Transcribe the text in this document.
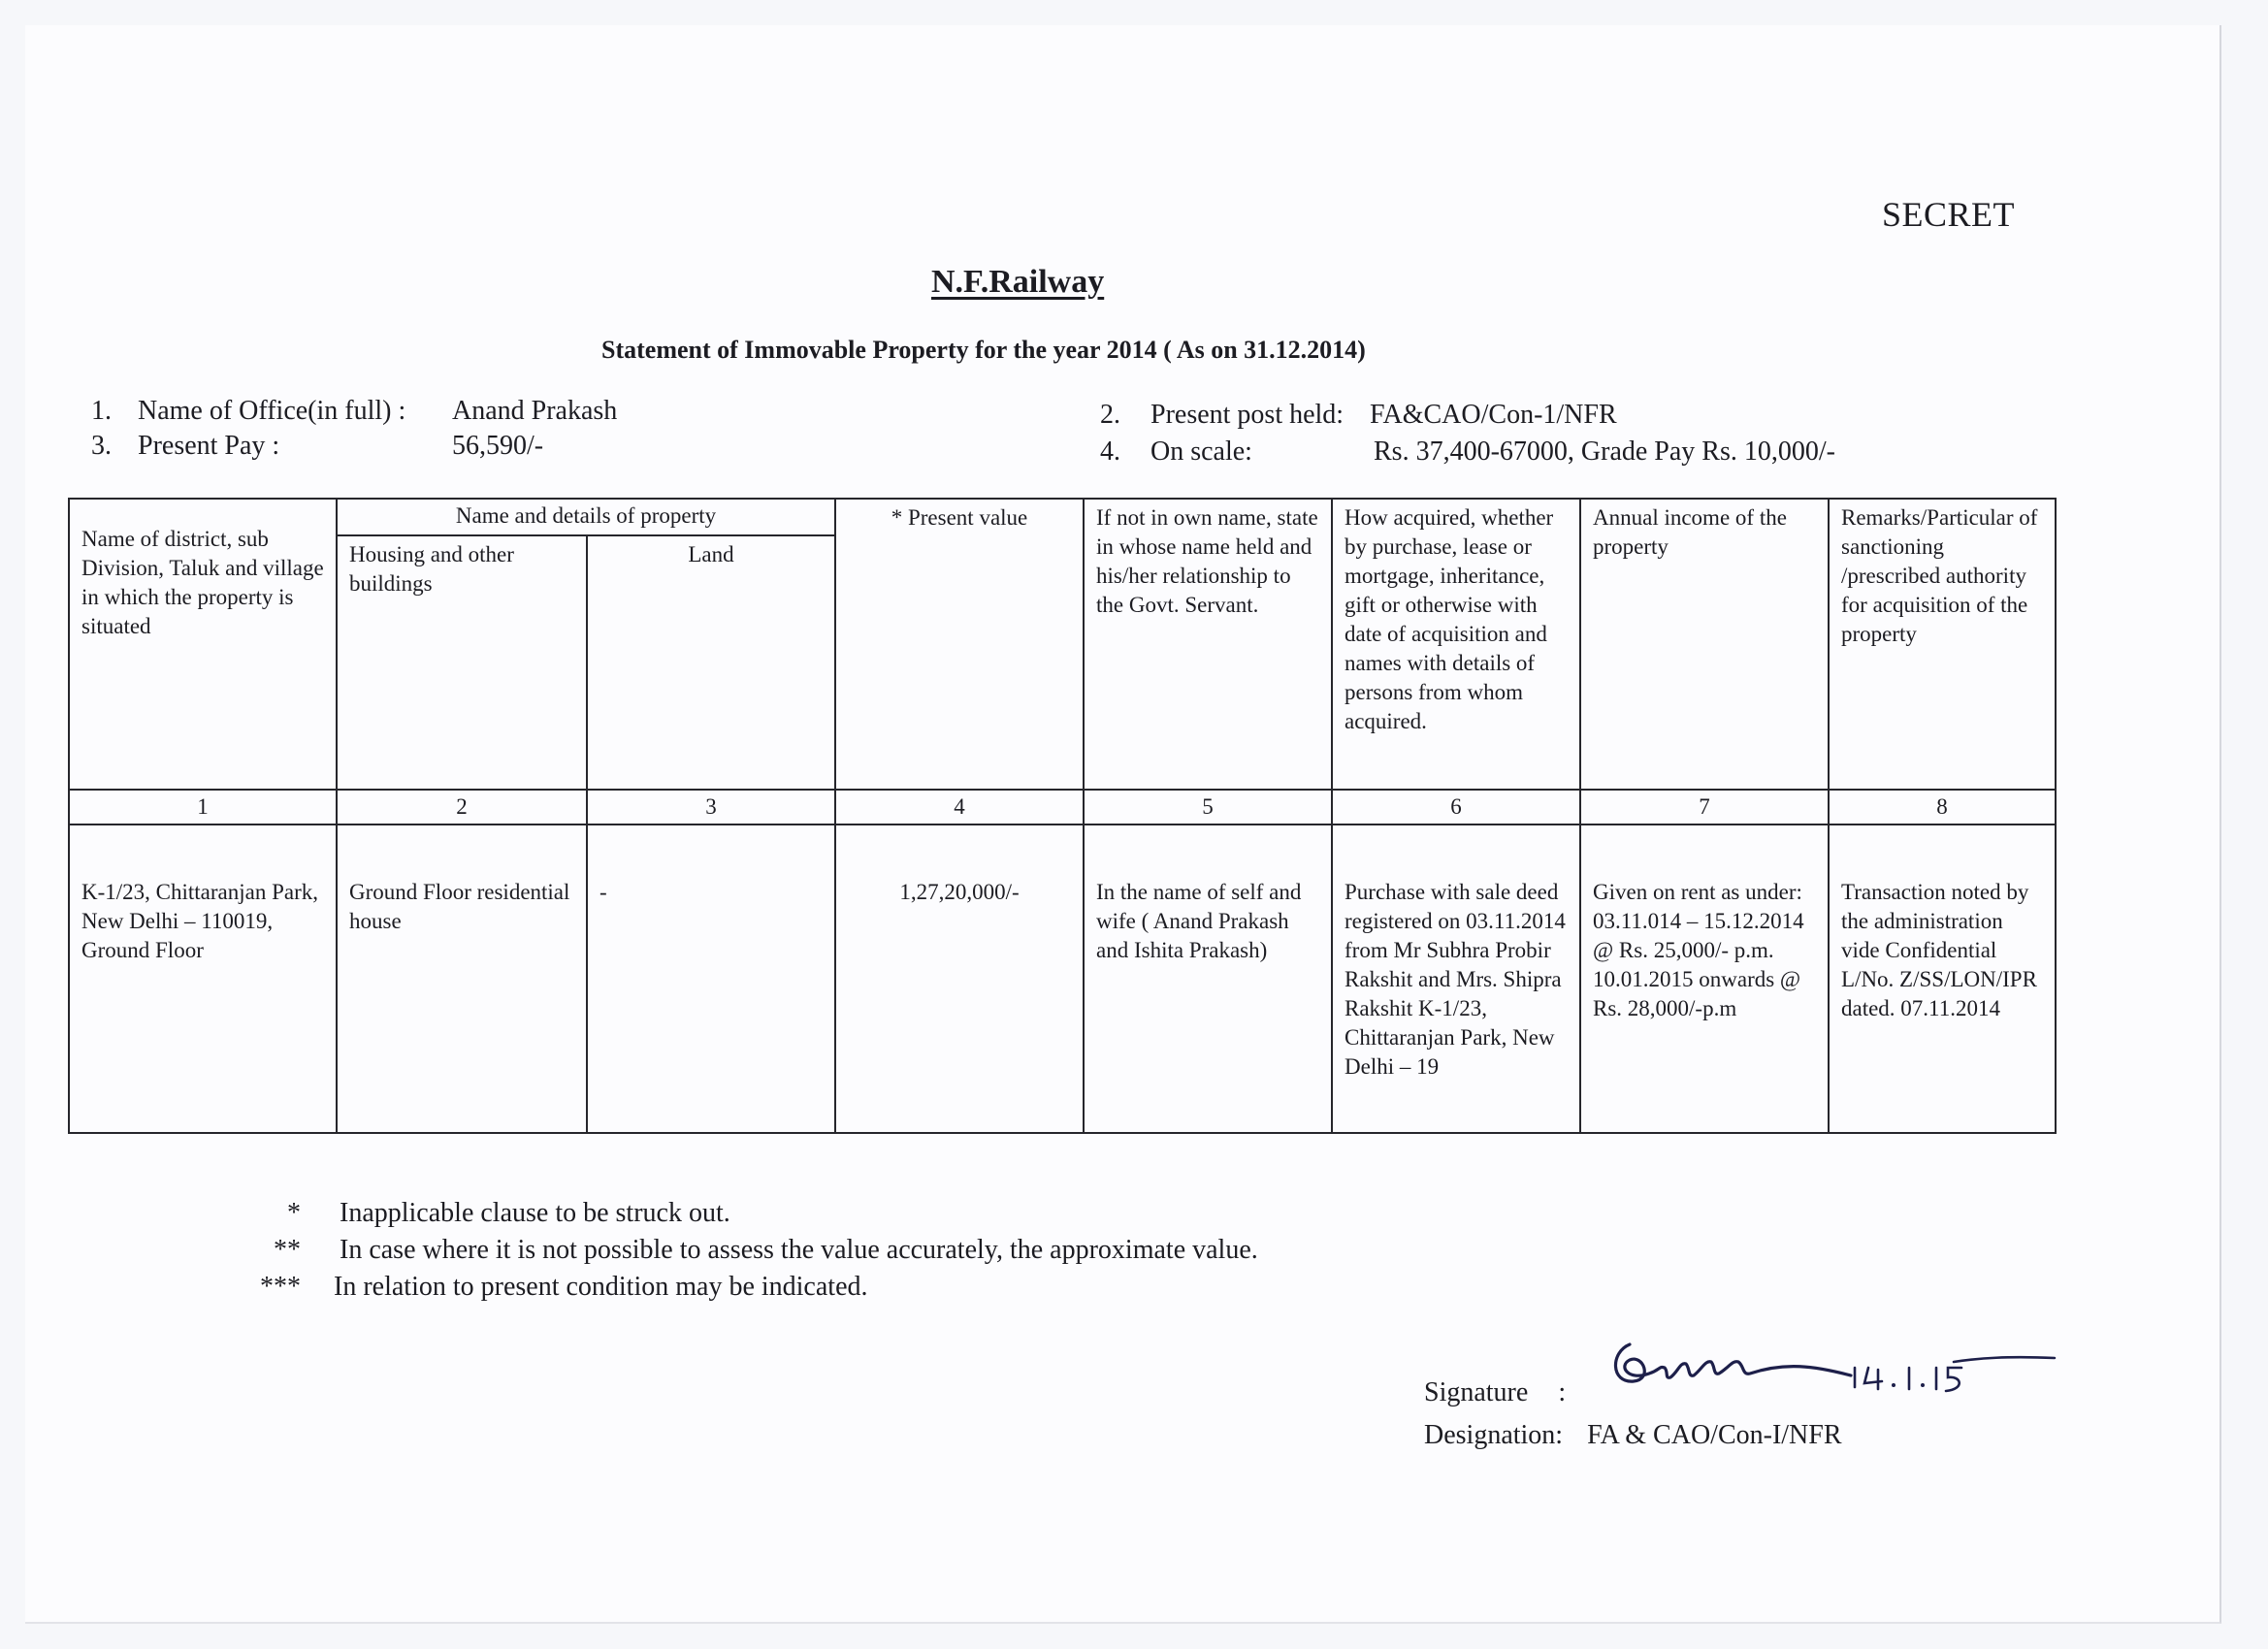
SECRET
N.F.Railway
Statement of Immovable Property for the year 2014 ( As on 31.12.2014)
1. Name of Office(in full) : Anand Prakash
3. Present Pay :	56,590/-
2. Present post held: FA&CAO/Con-1/NFR
4. On scale:	Rs. 37,400-67000, Grade Pay Rs. 10,000/-
Name of district, sub Division, Taluk and village in which the property is situated	Name and details of property		* Present value	If not in own name, state in whose name held and his/her relationship to the Govt. Servant.	How acquired, whether by purchase, lease or mortgage, inheritance, gift or otherwise with date of acquisition and names with details of persons from whom acquired.	Annual income of the property	Remarks/Particular of sanctioning /prescribed authority for acquisition of the property
	Housing and other buildings	Land					
1	2	3	4	5	6	7	8
K-1/23, Chittaranjan Park, New Delhi – 110019, Ground Floor	Ground Floor residential house	-	1,27,20,000/-	In the name of self and wife ( Anand Prakash and Ishita Prakash)	Purchase with sale deed registered on 03.11.2014 from Mr Subhra Probir Rakshit and Mrs. Shipra Rakshit K-1/23, Chittaranjan Park, New Delhi – 19	Given on rent as under: 03.11.014 – 15.12.2014 @ Rs. 25,000/- p.m. 10.01.2015 onwards @ Rs. 28,000/-p.m	Transaction noted by the administration vide Confidential L/No. Z/SS/LON/IPR dated. 07.11.2014
* Inapplicable clause to be struck out.
** In case where it is not possible to assess the value accurately, the approximate value.
*** In relation to present condition may be indicated.
Signature :
Designation: FA & CAO/Con-I/NFR
